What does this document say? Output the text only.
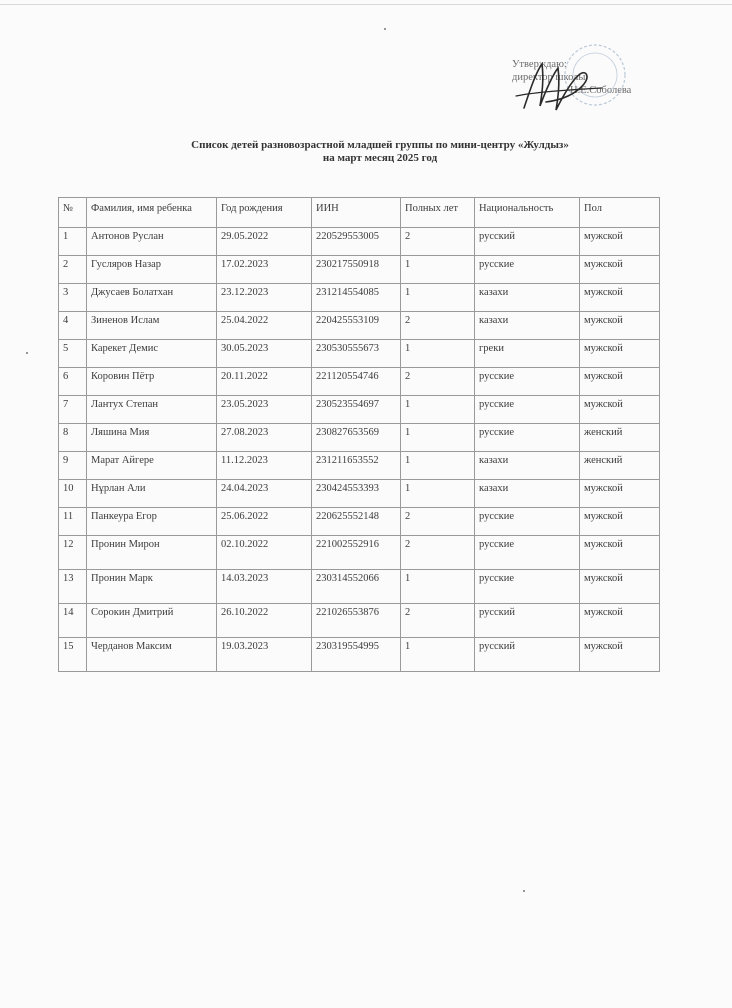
Утверждаю:
директор школы
Н.Е.Соболева
Список детей разновозрастной младшей группы по мини-центру «Жулдыз»
на март месяц 2025 год
№	Фамилия, имя ребенка	Год рождения	ИИН	Полных лет	Национальность	Пол
1	Антонов Руслан	29.05.2022	220529553005	2	русский	мужской
2	Гусляров Назар	17.02.2023	230217550918	1	русские	мужской
3	Джусаев Болатхан	23.12.2023	231214554085	1	казахи	мужской
4	Зиненов Ислам	25.04.2022	220425553109	2	казахи	мужской
5	Карекет Демис	30.05.2023	230530555673	1	греки	мужской
6	Коровин Пётр	20.11.2022	221120554746	2	русские	мужской
7	Лантух Степан	23.05.2023	230523554697	1	русские	мужской
8	Ляшина Мия	27.08.2023	230827653569	1	русские	женский
9	Марат Айгере	11.12.2023	231211653552	1	казахи	женский
10	Нұрлан Али	24.04.2023	230424553393	1	казахи	мужской
11	Панкеура Егор	25.06.2022	220625552148	2	русские	мужской
12	Пронин Мирон	02.10.2022	221002552916	2	русские	мужской
13	Пронин Марк	14.03.2023	230314552066	1	русские	мужской
14	Сорокин Дмитрий	26.10.2022	221026553876	2	русский	мужской
15	Черданов Максим	19.03.2023	230319554995	1	русский	мужской
